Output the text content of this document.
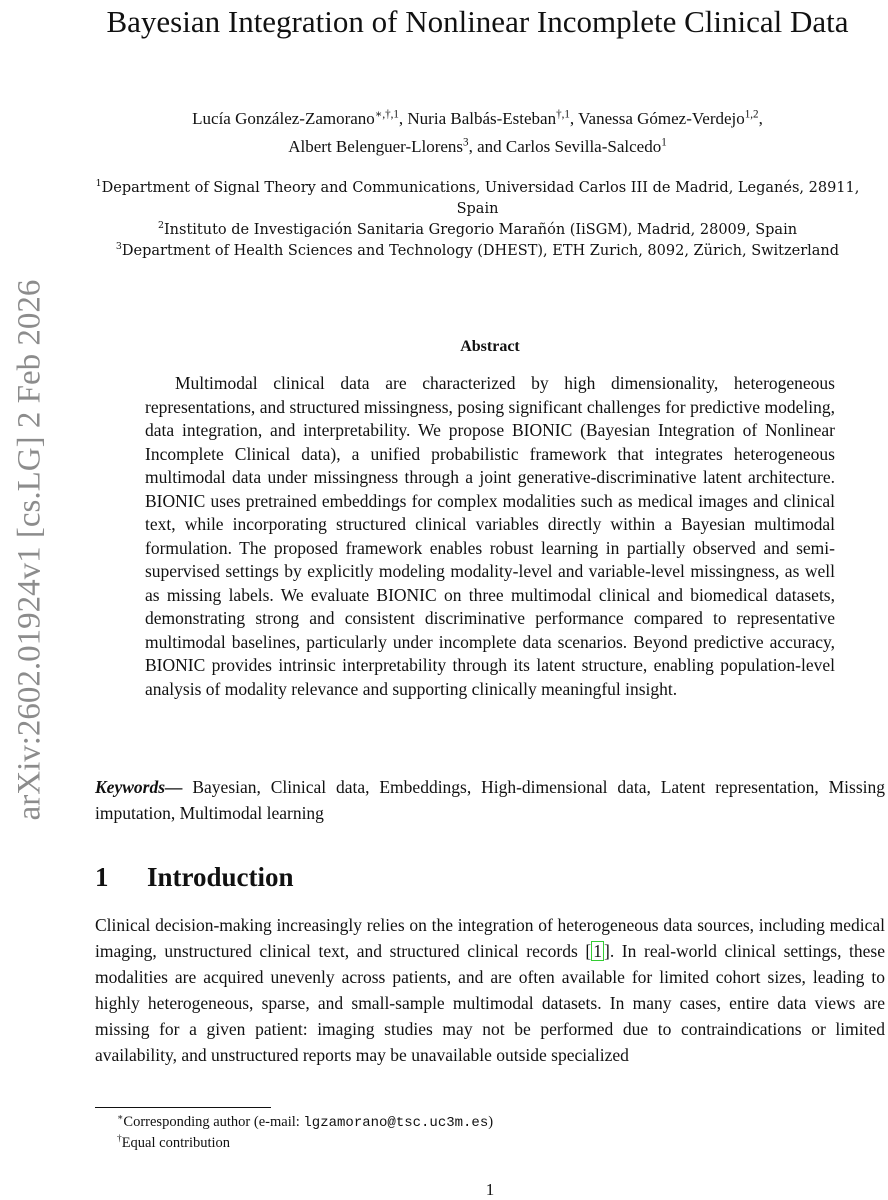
arXiv:2602.01924v1 [cs.LG] 2 Feb 2026
Bayesian Integration of Nonlinear Incomplete Clinical Data
Lucía González-Zamorano$^{∗,\dagger,1}$, Nuria Balbás-Esteban$^{\dagger,1}$, Vanessa Gómez-Verdejo$^{1,2}$,
Albert Belenguer-Llorens$^3$, and Carlos Sevilla-Salcedo$^1$
$^1$Department of Signal Theory and Communications, Universidad Carlos III de Madrid, Leganés, 28911, Spain
$^2$Instituto de Investigación Sanitaria Gregorio Marañón (IiSGM), Madrid, 28009, Spain
$^3$Department of Health Sciences and Technology (DHEST), ETH Zurich, 8092, Zürich, Switzerland
Abstract
Multimodal clinical data are characterized by high dimensionality, heterogeneous representations, and structured missingness, posing significant challenges for predictive modeling, data integration, and interpretability. We propose BIONIC (Bayesian Integration of Nonlinear Incomplete Clinical data), a unified probabilistic framework that integrates heterogeneous multimodal data under missingness through a joint generative-discriminative latent architecture. BIONIC uses pretrained embeddings for complex modalities such as medical images and clinical text, while incorporating structured clinical variables directly within a Bayesian multimodal formulation. The proposed framework enables robust learning in partially observed and semi-supervised settings by explicitly modeling modality-level and variable-level missingness, as well as missing labels. We evaluate BIONIC on three multimodal clinical and biomedical datasets, demonstrating strong and consistent discriminative performance compared to representative multimodal baselines, particularly under incomplete data scenarios. Beyond predictive accuracy, BIONIC provides intrinsic interpretability through its latent structure, enabling population-level analysis of modality relevance and supporting clinically meaningful insight.
Keywords— Bayesian, Clinical data, Embeddings, High-dimensional data, Latent representation, Missing imputation, Multimodal learning
1 Introduction
Clinical decision-making increasingly relies on the integration of heterogeneous data sources, including medical imaging, unstructured clinical text, and structured clinical records [ 1 ]. In real-world clinical settings, these modalities are acquired unevenly across patients, and are often available for limited cohort sizes, leading to highly heterogeneous, sparse, and small-sample multimodal datasets. In many cases, entire data views are missing for a given patient: imaging studies may not be performed due to contraindications or limited availability, and unstructured reports may be unavailable outside specialized
∗Corresponding author (e-mail: lgzamorano@tsc.uc3m.es)
†Equal contribution
1
